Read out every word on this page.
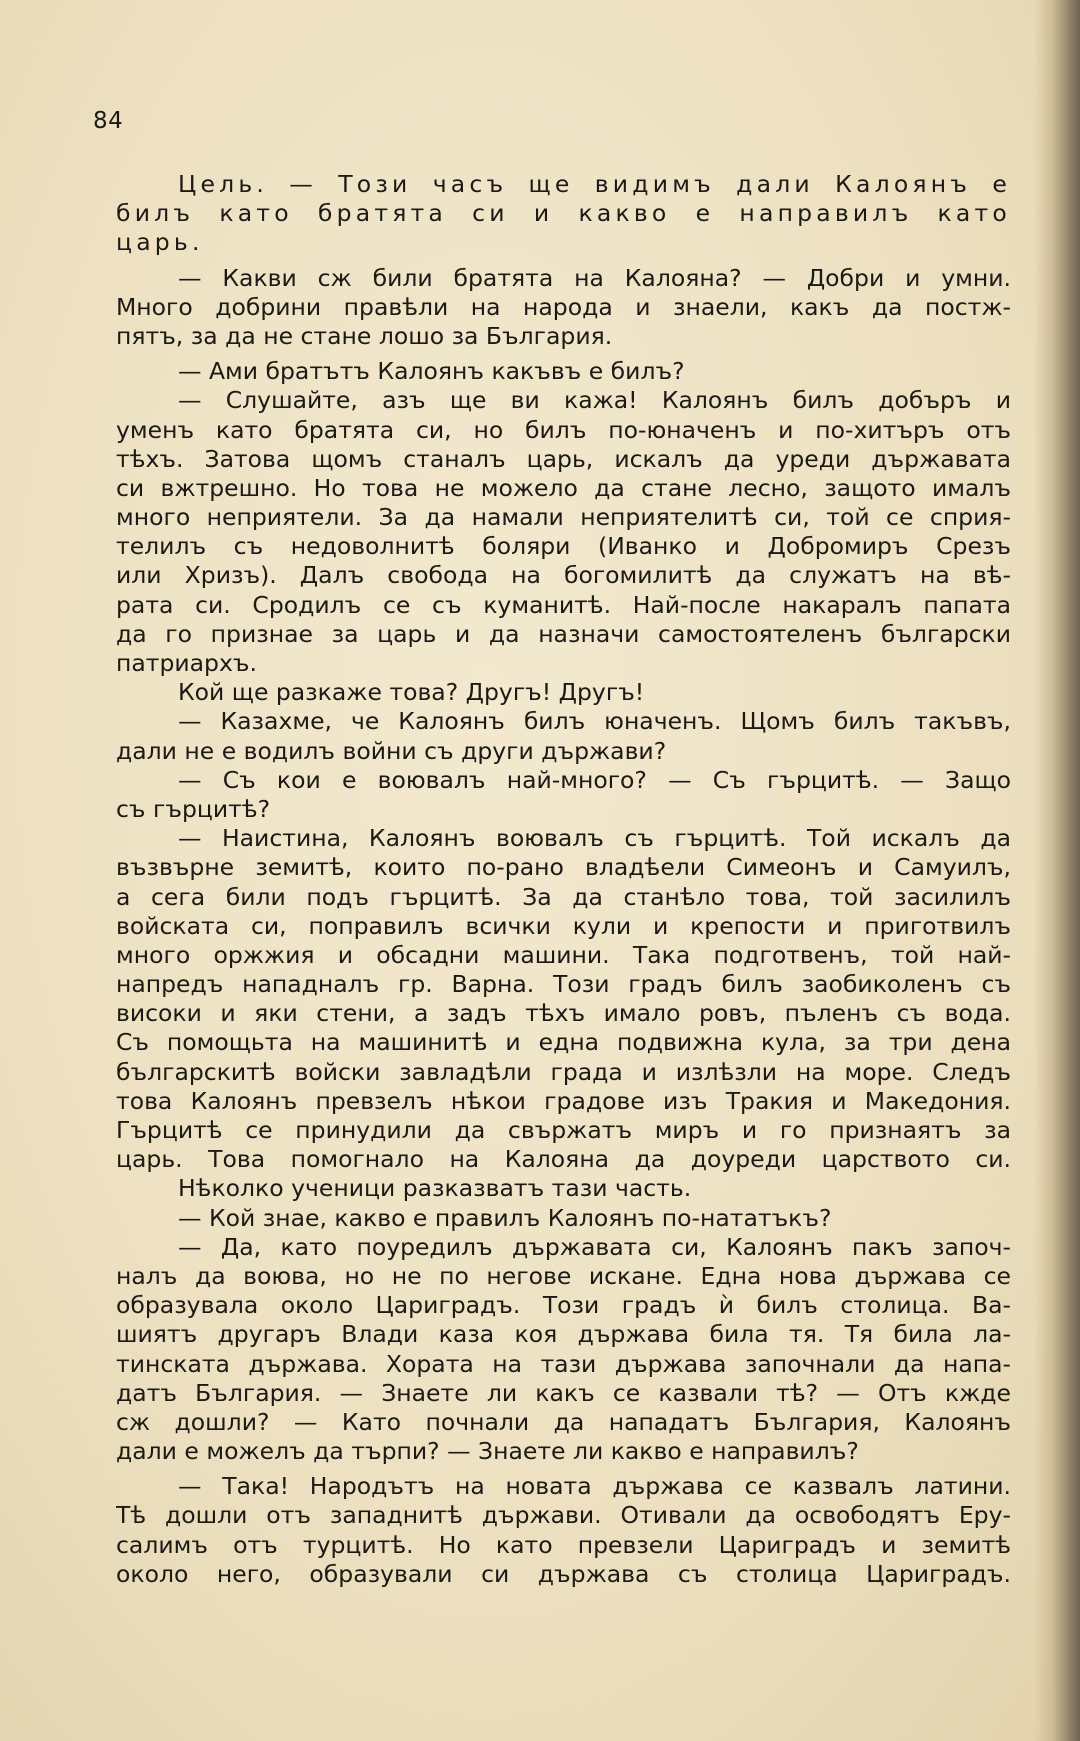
84
Цель. — Този часъ ще видимъ дали Калоянъ е
билъ като братята си и какво е направилъ като
царь.
— Какви сж били братята на Калояна? — Добри и умни.
Много добрини правѣли на народа и знаели, какъ да постж-
пятъ, за да не стане лошо за България.
— Ами братътъ Калоянъ какъвъ е билъ?
— Слушайте, азъ ще ви кажа! Калоянъ билъ добъръ и
уменъ като братята си, но билъ по-юначенъ и по-хитъръ отъ
тѣхъ. Затова щомъ станалъ царь, искалъ да уреди държавата
си вжтрешно. Но това не можело да стане лесно, защото ималъ
много неприятели. За да намали неприятелитѣ си, той се сприя-
телилъ съ недоволнитѣ боляри (Иванко и Добромиръ Срезъ
или Хризъ). Далъ свобода на богомилитѣ да служатъ на вѣ-
рата си. Сродилъ се съ куманитѣ. Най-после накаралъ папата
да го признае за царь и да назначи самостоятеленъ български
патриархъ.
Кой ще разкаже това? Другъ! Другъ!
— Казахме, че Калоянъ билъ юначенъ. Щомъ билъ такъвъ,
дали не е водилъ войни съ други държави?
— Съ кои е воювалъ най-много? — Съ гърцитѣ. — Защо
съ гърцитѣ?
— Наистина, Калоянъ воювалъ съ гърцитѣ. Той искалъ да
възвърне земитѣ, които по-рано владѣели Симеонъ и Самуилъ,
а сега били подъ гърцитѣ. За да станѣло това, той засилилъ
войската си, поправилъ всички кули и крепости и приготвилъ
много оржжия и обсадни машини. Така подготвенъ, той най-
напредъ нападналъ гр. Варна. Този градъ билъ заобиколенъ съ
високи и яки стени, а задъ тѣхъ имало ровъ, пъленъ съ вода.
Съ помощьта на машинитѣ и една подвижна кула, за три дена
българскитѣ войски завладѣли града и излѣзли на море. Следъ
това Калоянъ превзелъ нѣкои градове изъ Тракия и Македония.
Гърцитѣ се принудили да свържатъ миръ и го признаятъ за
царь. Това помогнало на Калояна да доуреди царството си.
Нѣколко ученици разказватъ тази часть.
— Кой знае, какво е правилъ Калоянъ по-нататъкъ?
— Да, като поуредилъ държавата си, Калоянъ пакъ започ-
налъ да воюва, но не по негове искане. Една нова държава се
образувала около Цариградъ. Този градъ ѝ билъ столица. Ва-
шиятъ другаръ Влади каза коя държава била тя. Тя била ла-
тинската държава. Хората на тази държава започнали да напа-
датъ България. — Знаете ли какъ се казвали тѣ? — Отъ кжде
сж дошли? — Като почнали да нападатъ България, Калоянъ
дали е можелъ да търпи? — Знаете ли какво е направилъ?
— Така! Народътъ на новата държава се казвалъ латини.
Тѣ дошли отъ западнитѣ държави. Отивали да освободятъ Еру-
салимъ отъ турцитѣ. Но като превзели Цариградъ и земитѣ
около него, образували си държава съ столица Цариградъ.
